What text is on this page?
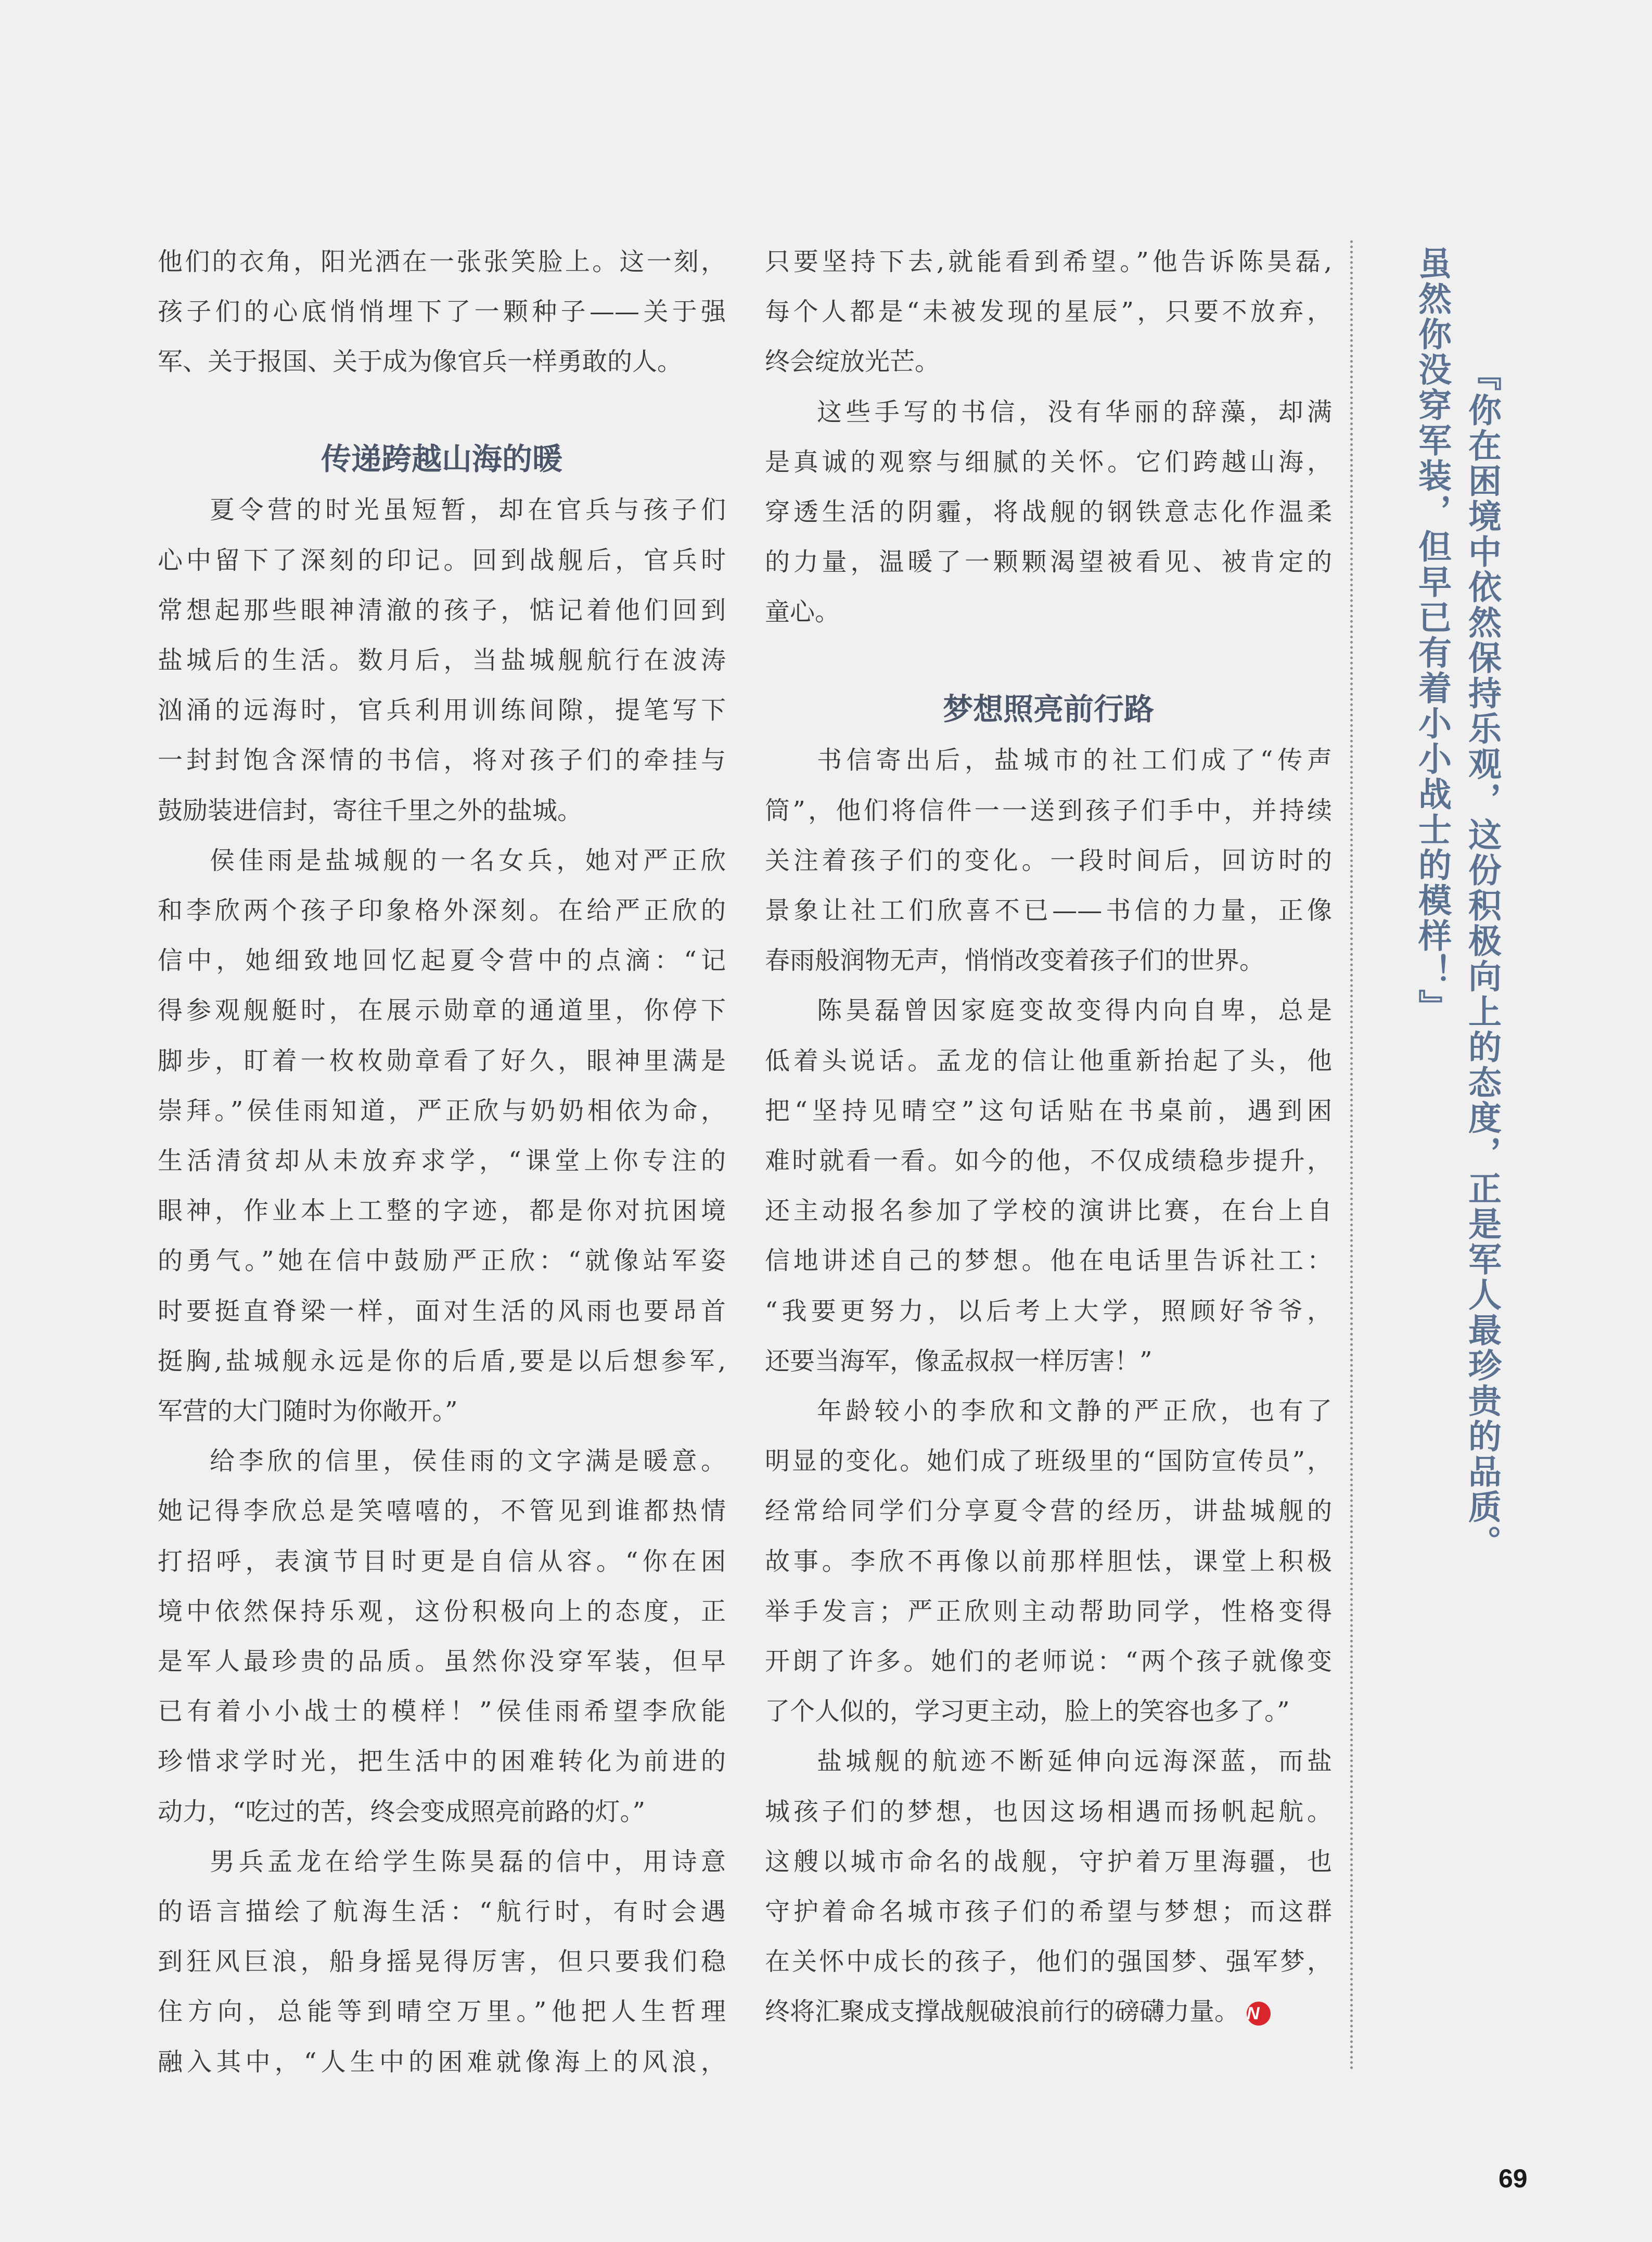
他们的衣角，阳光洒在一张张笑脸上。这一刻，
孩子们的心底悄悄埋下了一颗种子——关于强
军、关于报国、关于成为像官兵一样勇敢的人。
传递跨越山海的暖
夏令营的时光虽短暂，却在官兵与孩子们
心中留下了深刻的印记。回到战舰后，官兵时
常想起那些眼神清澈的孩子，惦记着他们回到
盐城后的生活。数月后，当盐城舰航行在波涛
汹涌的远海时，官兵利用训练间隙，提笔写下
一封封饱含深情的书信，将对孩子们的牵挂与
鼓励装进信封，寄往千里之外的盐城。
侯佳雨是盐城舰的一名女兵，她对严正欣
和李欣两个孩子印象格外深刻。在给严正欣的
信中，她细致地回忆起夏令营中的点滴：“记
得参观舰艇时，在展示勋章的通道里，你停下
脚步，盯着一枚枚勋章看了好久，眼神里满是
崇拜。”侯佳雨知道，严正欣与奶奶相依为命，
生活清贫却从未放弃求学，“课堂上你专注的
眼神，作业本上工整的字迹，都是你对抗困境
的勇气。”她在信中鼓励严正欣：“就像站军姿
时要挺直脊梁一样，面对生活的风雨也要昂首
挺胸,盐城舰永远是你的后盾,要是以后想参军,
军营的大门随时为你敞开。”
给李欣的信里，侯佳雨的文字满是暖意。
她记得李欣总是笑嘻嘻的，不管见到谁都热情
打招呼，表演节目时更是自信从容。“你在困
境中依然保持乐观，这份积极向上的态度，正
是军人最珍贵的品质。虽然你没穿军装，但早
已有着小小战士的模样！”侯佳雨希望李欣能
珍惜求学时光，把生活中的困难转化为前进的
动力，“吃过的苦，终会变成照亮前路的灯。”
男兵孟龙在给学生陈昊磊的信中，用诗意
的语言描绘了航海生活：“航行时，有时会遇
到狂风巨浪，船身摇晃得厉害，但只要我们稳
住方向，总能等到晴空万里。”他把人生哲理
融入其中，“人生中的困难就像海上的风浪，
只要坚持下去,就能看到希望。”他告诉陈昊磊,
每个人都是“未被发现的星辰”，只要不放弃，
终会绽放光芒。
这些手写的书信，没有华丽的辞藻，却满
是真诚的观察与细腻的关怀。它们跨越山海，
穿透生活的阴霾，将战舰的钢铁意志化作温柔
的力量，温暖了一颗颗渴望被看见、被肯定的
童心。
梦想照亮前行路
书信寄出后，盐城市的社工们成了“传声
筒”，他们将信件一一送到孩子们手中，并持续
关注着孩子们的变化。一段时间后，回访时的
景象让社工们欣喜不已——书信的力量，正像
春雨般润物无声，悄悄改变着孩子们的世界。
陈昊磊曾因家庭变故变得内向自卑，总是
低着头说话。孟龙的信让他重新抬起了头，他
把“坚持见晴空”这句话贴在书桌前，遇到困
难时就看一看。如今的他，不仅成绩稳步提升，
还主动报名参加了学校的演讲比赛，在台上自
信地讲述自己的梦想。他在电话里告诉社工：
“我要更努力，以后考上大学，照顾好爷爷，
还要当海军，像孟叔叔一样厉害！”
年龄较小的李欣和文静的严正欣，也有了
明显的变化。她们成了班级里的“国防宣传员”，
经常给同学们分享夏令营的经历，讲盐城舰的
故事。李欣不再像以前那样胆怯，课堂上积极
举手发言；严正欣则主动帮助同学，性格变得
开朗了许多。她们的老师说：“两个孩子就像变
了个人似的，学习更主动，脸上的笑容也多了。”
盐城舰的航迹不断延伸向远海深蓝，而盐
城孩子们的梦想，也因这场相遇而扬帆起航。
这艘以城市命名的战舰，守护着万里海疆，也
守护着命名城市孩子们的希望与梦想；而这群
在关怀中成长的孩子，他们的强国梦、强军梦，
终将汇聚成支撑战舰破浪前行的磅礴力量。 N
『你在困境中依然保持乐观，这份积极向上的态度，正是军人最珍贵的品质。
虽然你没穿军装，但早已有着小小战士的模样！』
69
